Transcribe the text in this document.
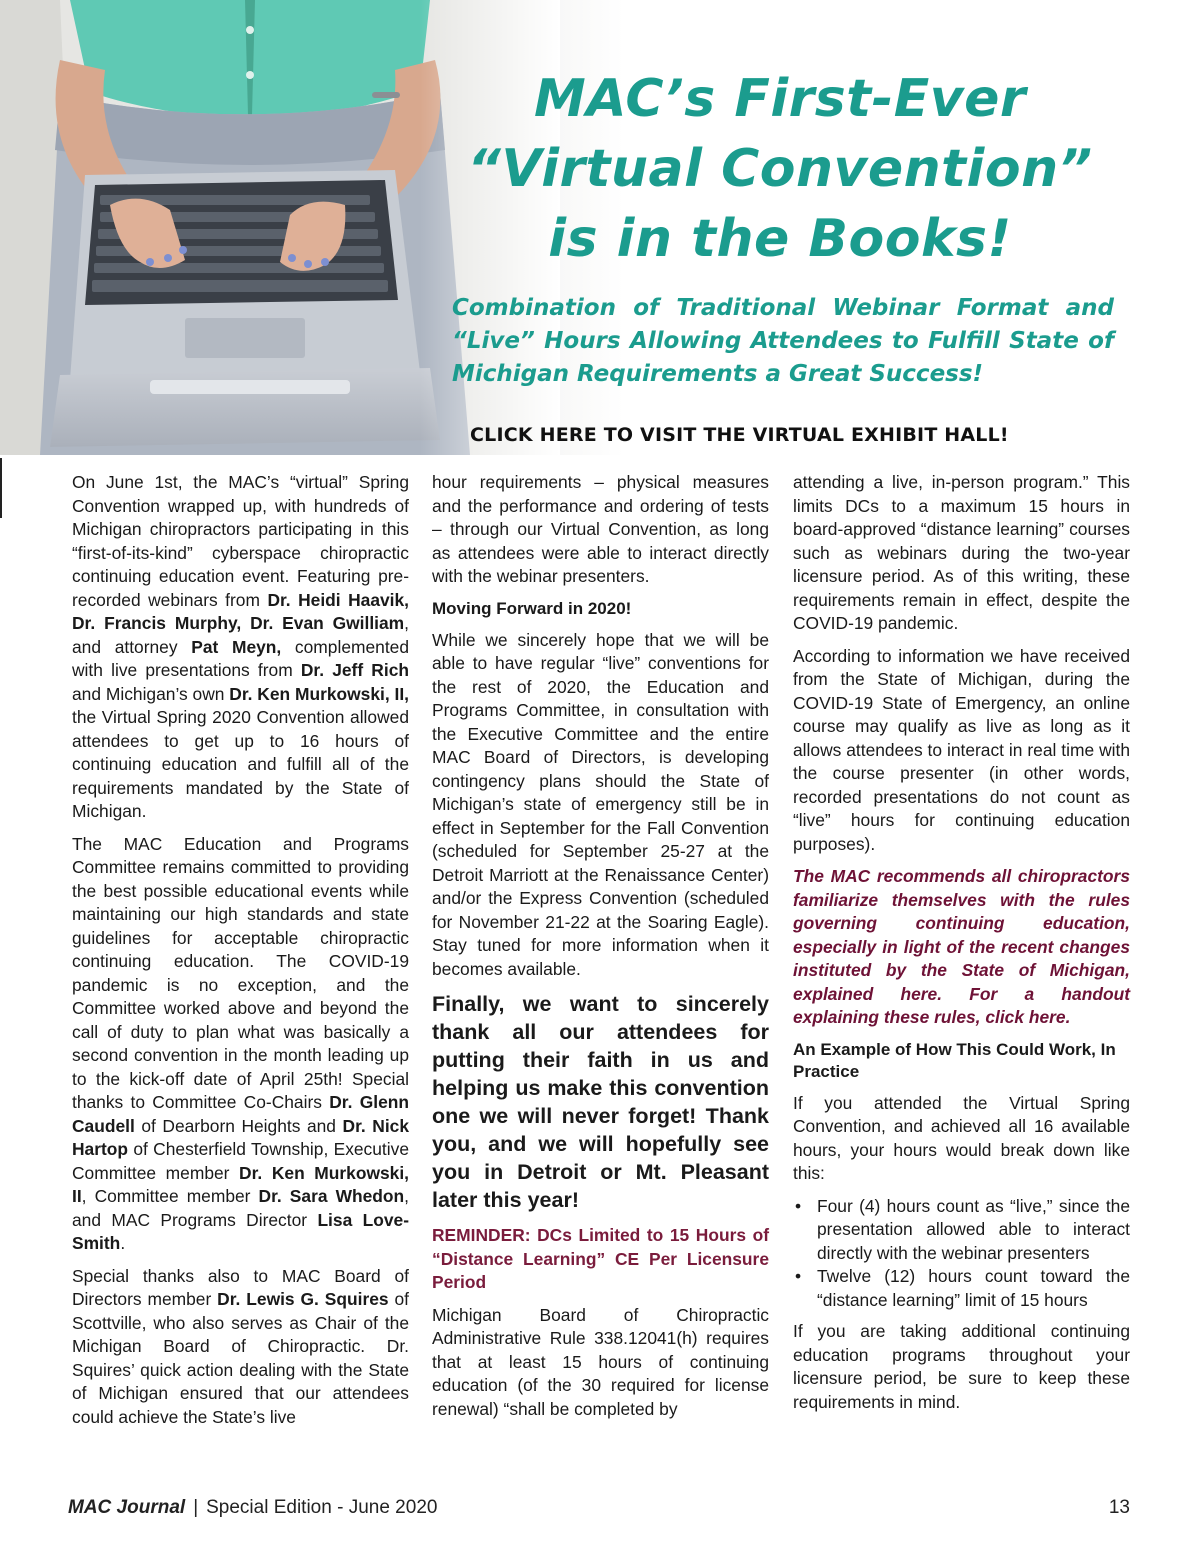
MAC’s First-Ever
“Virtual Convention”
is in the Books!

Combination of Traditional Webinar Format and “Live” Hours Allowing Attendees to Fulfill State of Michigan Requirements a Great Success!

CLICK HERE TO VISIT THE VIRTUAL EXHIBIT HALL!

On June 1st, the MAC’s “virtual” Spring Convention wrapped up, with hundreds of Michigan chiropractors participating in this “first-of-its-kind” cyberspace chiropractic continuing education event. Featuring pre-recorded webinars from Dr. Heidi Haavik, Dr. Francis Murphy, Dr. Evan Gwilliam, and attorney Pat Meyn, complemented with live presentations from Dr. Jeff Rich and Michigan’s own Dr. Ken Murkowski, II, the Virtual Spring 2020 Convention allowed attendees to get up to 16 hours of continuing education and fulfill all of the requirements mandated by the State of Michigan.

The MAC Education and Programs Committee remains committed to providing the best possible educational events while maintaining our high standards and state guidelines for acceptable chiropractic continuing education. The COVID-19 pandemic is no exception, and the Committee worked above and beyond the call of duty to plan what was basically a second convention in the month leading up to the kick-off date of April 25th! Special thanks to Committee Co-Chairs Dr. Glenn Caudell of Dearborn Heights and Dr. Nick Hartop of Chesterfield Township, Executive Committee member Dr. Ken Murkowski, II, Committee member Dr. Sara Whedon, and MAC Programs Director Lisa Love-Smith.

Special thanks also to MAC Board of Directors member Dr. Lewis G. Squires of Scottville, who also serves as Chair of the Michigan Board of Chiropractic. Dr. Squires’ quick action dealing with the State of Michigan ensured that our attendees could achieve the State’s live

hour requirements – physical measures and the performance and ordering of tests – through our Virtual Convention, as long as attendees were able to interact directly with the webinar presenters.

Moving Forward in 2020!

While we sincerely hope that we will be able to have regular “live” conventions for the rest of 2020, the Education and Programs Committee, in consultation with the Executive Committee and the entire MAC Board of Directors, is developing contingency plans should the State of Michigan’s state of emergency still be in effect in September for the Fall Convention (scheduled for September 25-27 at the Detroit Marriott at the Renaissance Center) and/or the Express Convention (scheduled for November 21-22 at the Soaring Eagle). Stay tuned for more information when it becomes available.

Finally, we want to sincerely thank all our attendees for putting their faith in us and helping us make this convention one we will never forget! Thank you, and we will hopefully see you in Detroit or Mt. Pleasant later this year!

REMINDER: DCs Limited to 15 Hours of “Distance Learning” CE Per Licensure Period

Michigan Board of Chiropractic Administrative Rule 338.12041(h) requires that at least 15 hours of continuing education (of the 30 required for license renewal) “shall be completed by

attending a live, in-person program.” This limits DCs to a maximum 15 hours in board-approved “distance learning” courses such as webinars during the two-year licensure period. As of this writing, these requirements remain in effect, despite the COVID-19 pandemic.

According to information we have received from the State of Michigan, during the COVID-19 State of Emergency, an online course may qualify as live as long as it allows attendees to interact in real time with the course presenter (in other words, recorded presentations do not count as “live” hours for continuing education purposes).

The MAC recommends all chiropractors familiarize themselves with the rules governing continuing education, especially in light of the recent changes instituted by the State of Michigan, explained here. For a handout explaining these rules, click here.

An Example of How This Could Work, In Practice

If you attended the Virtual Spring Convention, and achieved all 16 available hours, your hours would break down like this:

• Four (4) hours count as “live,” since the presentation allowed able to interact directly with the webinar presenters
• Twelve (12) hours count toward the “distance learning” limit of 15 hours

If you are taking additional continuing education programs throughout your licensure period, be sure to keep these requirements in mind.

MAC Journal | Special Edition - June 2020	13
